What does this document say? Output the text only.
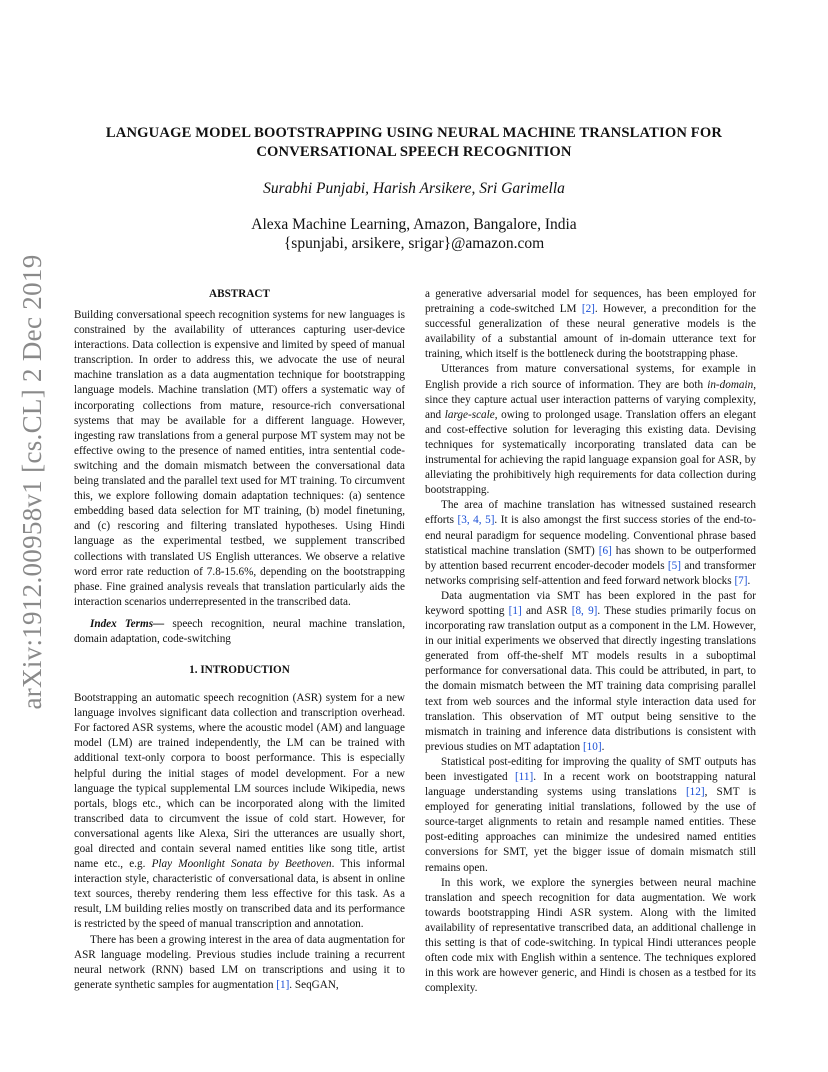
LANGUAGE MODEL BOOTSTRAPPING USING NEURAL MACHINE TRANSLATION FOR
CONVERSATIONAL SPEECH RECOGNITION
Surabhi Punjabi, Harish Arsikere, Sri Garimella
Alexa Machine Learning, Amazon, Bangalore, India
{spunjabi, arsikere, srigar}@amazon.com
arXiv:1912.00958v1 [cs.CL] 2 Dec 2019	ABSTRACT

Building conversational speech recognition systems for new languages is constrained by the availability of utterances capturing user-device interactions. Data collection is expensive and limited by speed of manual transcription. In order to address this, we advocate the use of neural machine translation as a data augmentation technique for bootstrapping language models. Machine translation (MT) offers a systematic way of incorporating collections from mature, resource-rich conversational systems that may be available for a different language. However, ingesting raw translations from a general purpose MT system may not be effective owing to the presence of named entities, intra sentential code-switching and the domain mismatch between the conversational data being translated and the parallel text used for MT training. To circumvent this, we explore following domain adaptation techniques: (a) sentence embedding based data selection for MT training, (b) model finetuning, and (c) rescoring and filtering translated hypotheses. Using Hindi language as the experimental testbed, we supplement transcribed collections with translated US English utterances. We observe a relative word error rate reduction of 7.8-15.6%, depending on the bootstrapping phase. Fine grained analysis reveals that translation particularly aids the interaction scenarios underrepresented in the transcribed data.

Index Terms— speech recognition, neural machine translation, domain adaptation, code-switching

1. INTRODUCTION

Bootstrapping an automatic speech recognition (ASR) system for a new language involves significant data collection and transcription overhead. For factored ASR systems, where the acoustic model (AM) and language model (LM) are trained independently, the LM can be trained with additional text-only corpora to boost performance. This is especially helpful during the initial stages of model development. For a new language the typical supplemental LM sources include Wikipedia, news portals, blogs etc., which can be incorporated along with the limited transcribed data to circumvent the issue of cold start. However, for conversational agents like Alexa, Siri the utterances are usually short, goal directed and contain several named entities like song title, artist name etc., e.g. Play Moonlight Sonata by Beethoven. This informal interaction style, characteristic of conversational data, is absent in online text sources, thereby rendering them less effective for this task. As a result, LM building relies mostly on transcribed data and its performance is restricted by the speed of manual transcription and annotation.

There has been a growing interest in the area of data augmentation for ASR language modeling. Previous studies include training a recurrent neural network (RNN) based LM on transcriptions and using it to generate synthetic samples for augmentation [1]. SeqGAN,

a generative adversarial model for sequences, has been employed for pretraining a code-switched LM [2]. However, a precondition for the successful generalization of these neural generative models is the availability of a substantial amount of in-domain utterance text for training, which itself is the bottleneck during the bootstrapping phase.

Utterances from mature conversational systems, for example in English provide a rich source of information. They are both in-domain, since they capture actual user interaction patterns of varying complexity, and large-scale, owing to prolonged usage. Translation offers an elegant and cost-effective solution for leveraging this existing data. Devising techniques for systematically incorporating translated data can be instrumental for achieving the rapid language expansion goal for ASR, by alleviating the prohibitively high requirements for data collection during bootstrapping.

The area of machine translation has witnessed sustained research efforts [3, 4, 5]. It is also amongst the first success stories of the end-to-end neural paradigm for sequence modeling. Conventional phrase based statistical machine translation (SMT) [6] has shown to be outperformed by attention based recurrent encoder-decoder models [5] and transformer networks comprising self-attention and feed forward network blocks [7].

Data augmentation via SMT has been explored in the past for keyword spotting [1] and ASR [8, 9]. These studies primarily focus on incorporating raw translation output as a component in the LM. However, in our initial experiments we observed that directly ingesting translations generated from off-the-shelf MT models results in a suboptimal performance for conversational data. This could be attributed, in part, to the domain mismatch between the MT training data comprising parallel text from web sources and the informal style interaction data used for translation. This observation of MT output being sensitive to the mismatch in training and inference data distributions is consistent with previous studies on MT adaptation [10].

Statistical post-editing for improving the quality of SMT outputs has been investigated [11]. In a recent work on bootstrapping natural language understanding systems using translations [12], SMT is employed for generating initial translations, followed by the use of source-target alignments to retain and resample named entities. These post-editing approaches can minimize the undesired named entities conversions for SMT, yet the bigger issue of domain mismatch still remains open.

In this work, we explore the synergies between neural machine translation and speech recognition for data augmentation. We work towards bootstrapping Hindi ASR system. Along with the limited availability of representative transcribed data, an additional challenge in this setting is that of code-switching. In typical Hindi utterances people often code mix with English within a sentence. The techniques explored in this work are however generic, and Hindi is chosen as a testbed for its complexity.
